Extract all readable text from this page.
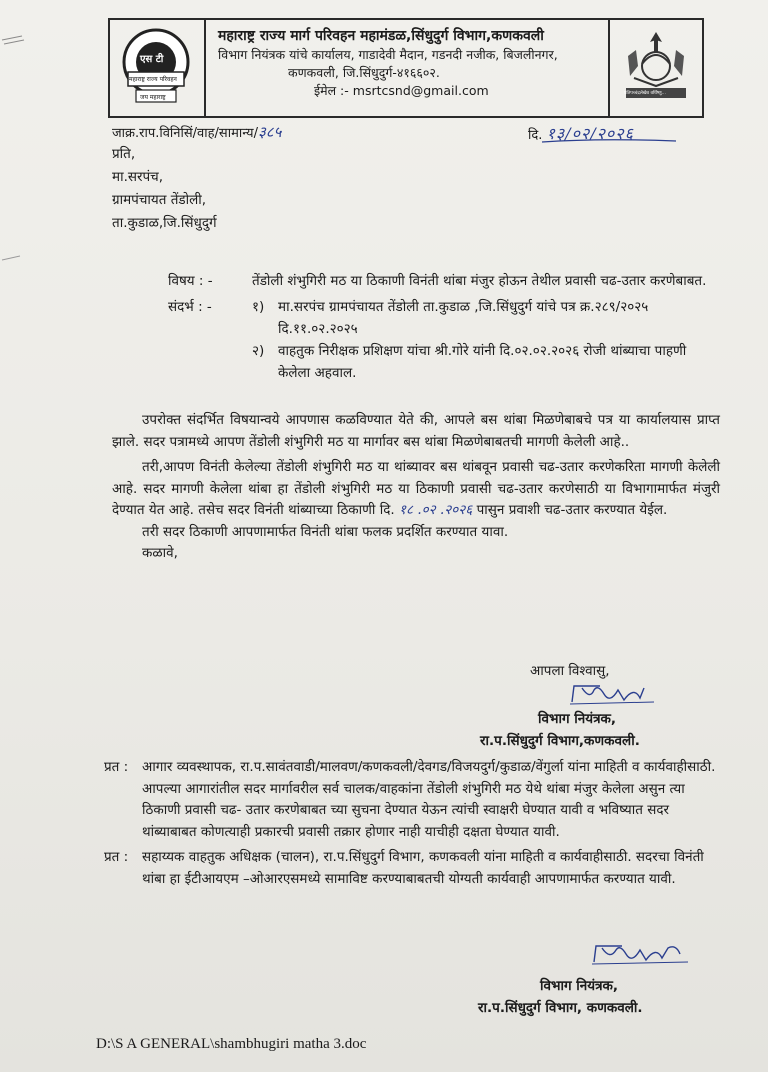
एस टी
महाराष्ट्र राज्य परिवहन
जय महाराष्ट्र
महाराष्ट्र राज्य मार्ग परिवहन महामंडळ,सिंधुदुर्ग विभाग,कणकवली
विभाग नियंत्रक यांचे कार्यालय, गाडादेवी मैदान, गडनदी नजीक, बिजलीनगर,
कणकवली, जि.सिंधुदुर्ग-४१६६०२.
ईमेल :- msrtcsnd@gmail.com	प्रतिपच्चंद्रलेखेव वर्धिष्णु...
जाक्र.राप.विनिसिं/वाह/सामान्य/३८५	दि. १३/०२/२०२६
प्रति,
मा.सरपंच,
ग्रामपंचायत तेंडोली,
ता.कुडाळ,जि.सिंधुदुर्ग
विषय : -	तेंडोली शंभुगिरी मठ या ठिकाणी विनंती थांबा मंजुर होऊन तेथील प्रवासी चढ-उतार करणेबाबत.
संदर्भ : -	१)	मा.सरपंच ग्रामपंचायत तेंडोली ता.कुडाळ ,जि.सिंधुदुर्ग यांचे पत्र क्र.२८९/२०२५ दि.११.०२.२०२५
२)	वाहतुक निरीक्षक प्रशिक्षण यांचा श्री.गोरे यांनी दि.०२.०२.२०२६ रोजी थांब्याचा पाहणी केलेला अहवाल.

उपरोक्त संदर्भित विषयान्वये आपणास कळविण्यात येते की, आपले बस थांबा मिळणेबाबचे पत्र या कार्यालयास प्राप्त झाले. सदर पत्रामध्ये आपण तेंडोली शंभुगिरी मठ या मार्गावर बस थांबा मिळणेबाबतची मागणी केलेली आहे..

तरी,आपण विनंती केलेल्या तेंडोली शंभुगिरी मठ या थांब्यावर बस थांबवून प्रवासी चढ-उतार करणेकरिता मागणी केलेली आहे. सदर मागणी केलेला थांबा हा तेंडोली शंभुगिरी मठ या ठिकाणी प्रवासी चढ-उतार करणेसाठी या विभागामार्फत मंजुरी देण्यात येत आहे. तसेच सदर विनंती थांब्याच्या ठिकाणी दि. १८ .०२ .२०२६ पासुन प्रवाशी चढ-उतार करण्यात येईल.

तरी सदर ठिकाणी आपणामार्फत विनंती थांबा फलक प्रदर्शित करण्यात यावा.

कळावे,

आपला विश्वासु,
विभाग नियंत्रक,
रा.प.सिंधुदुर्ग विभाग,कणकवली.
प्रत :	आगार व्यवस्थापक, रा.प.सावंतवाडी/मालवण/कणकवली/देवगड/विजयदुर्ग/कुडाळ/वेंगुर्ला यांना माहिती व कार्यवाहीसाठी. आपल्या आगारांतील सदर मार्गावरील सर्व चालक/वाहकांना तेंडोली शंभुगिरी मठ येथे थांबा मंजुर केलेला असुन त्या ठिकाणी प्रवासी चढ- उतार करणेबाबत च्या सुचना देण्यात येऊन त्यांची स्वाक्षरी घेण्यात यावी व भविष्यात सदर थांब्याबाबत कोणत्याही प्रकारची प्रवासी तक्रार होणार नाही याचीही दक्षता घेण्यात यावी.
प्रत :	सहाय्यक वाहतुक अधिक्षक (चालन), रा.प.सिंधुदुर्ग विभाग, कणकवली यांना माहिती व कार्यवाहीसाठी. सदरचा विनंती थांबा हा ईटीआयएम –ओआरएसमध्ये सामाविष्ट करण्याबाबतची योग्यती कार्यवाही आपणामार्फत करण्यात यावी.
विभाग नियंत्रक,
रा.प.सिंधुदुर्ग विभाग, कणकवली.
D:\S A GENERAL\shambhugiri matha 3.doc
